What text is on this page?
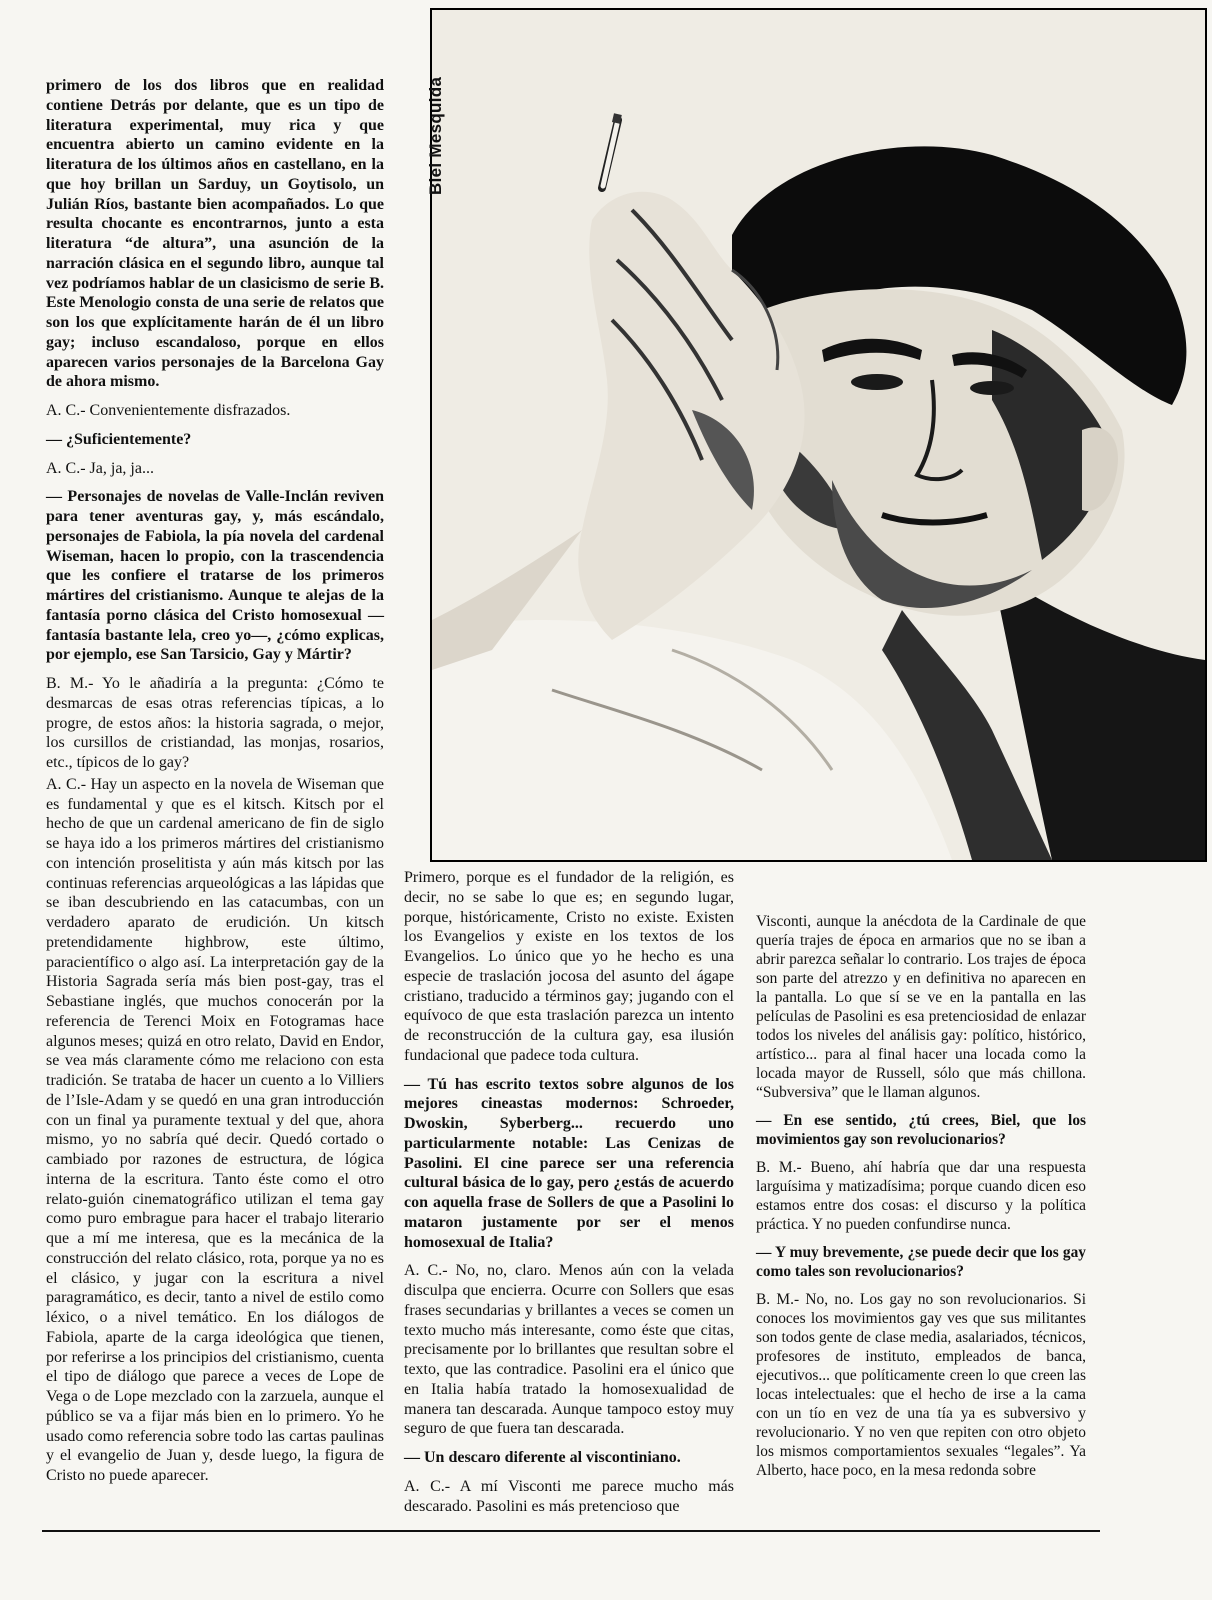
Biel Mesquida

primero de los dos libros que en realidad contiene Detrás por delante, que es un tipo de literatura experimental, muy rica y que encuentra abierto un camino evidente en la literatura de los últimos años en castellano, en la que hoy brillan un Sarduy, un Goytisolo, un Julián Ríos, bastante bien acompañados. Lo que resulta chocante es encontrarnos, junto a esta literatura “de altura”, una asunción de la narración clásica en el segundo libro, aunque tal vez podríamos hablar de un clasicismo de serie B. Este Menologio consta de una serie de relatos que son los que explícitamente harán de él un libro gay; incluso escandaloso, porque en ellos aparecen varios personajes de la Barcelona Gay de ahora mismo.

A. C.- Convenientemente disfrazados.

— ¿Suficientemente?

A. C.- Ja, ja, ja...

— Personajes de novelas de Valle-Inclán reviven para tener aventuras gay, y, más escándalo, personajes de Fabiola, la pía novela del cardenal Wiseman, hacen lo propio, con la trascendencia que les confiere el tratarse de los primeros mártires del cristianismo. Aunque te alejas de la fantasía porno clásica del Cristo homosexual —fantasía bastante lela, creo yo—, ¿cómo explicas, por ejemplo, ese San Tarsicio, Gay y Mártir?

B. M.- Yo le añadiría a la pregunta: ¿Cómo te desmarcas de esas otras referencias típicas, a lo progre, de estos años: la historia sagrada, o mejor, los cursillos de cristiandad, las monjas, rosarios, etc., típicos de lo gay?

A. C.- Hay un aspecto en la novela de Wiseman que es fundamental y que es el kitsch. Kitsch por el hecho de que un cardenal americano de fin de siglo se haya ido a los primeros mártires del cristianismo con intención proselitista y aún más kitsch por las continuas referencias arqueológicas a las lápidas que se iban descubriendo en las catacumbas, con un verdadero aparato de erudición. Un kitsch pretendidamente highbrow, este último, paracientífico o algo así. La interpretación gay de la Historia Sagrada sería más bien post-gay, tras el Sebastiane inglés, que muchos conocerán por la referencia de Terenci Moix en Fotogramas hace algunos meses; quizá en otro relato, David en Endor, se vea más claramente cómo me relaciono con esta tradición. Se trataba de hacer un cuento a lo Villiers de l’Isle-Adam y se quedó en una gran introducción con un final ya puramente textual y del que, ahora mismo, yo no sabría qué decir. Quedó cortado o cambiado por razones de estructura, de lógica interna de la escritura. Tanto éste como el otro relato-guión cinematográfico utilizan el tema gay como puro embrague para hacer el trabajo literario que a mí me interesa, que es la mecánica de la construcción del relato clásico, rota, porque ya no es el clásico, y jugar con la escritura a nivel paragramático, es decir, tanto a nivel de estilo como léxico, o a nivel temático. En los diálogos de Fabiola, aparte de la carga ideológica que tienen, por referirse a los principios del cristianismo, cuenta el tipo de diálogo que parece a veces de Lope de Vega o de Lope mezclado con la zarzuela, aunque el público se va a fijar más bien en lo primero. Yo he usado como referencia sobre todo las cartas paulinas y el evangelio de Juan y, desde luego, la figura de Cristo no puede aparecer.

Primero, porque es el fundador de la religión, es decir, no se sabe lo que es; en segundo lugar, porque, históricamente, Cristo no existe. Existen los Evangelios y existe en los textos de los Evangelios. Lo único que yo he hecho es una especie de traslación jocosa del asunto del ágape cristiano, traducido a términos gay; jugando con el equívoco de que esta traslación parezca un intento de reconstrucción de la cultura gay, esa ilusión fundacional que padece toda cultura.

— Tú has escrito textos sobre algunos de los mejores cineastas modernos: Schroeder, Dwoskin, Syberberg... recuerdo uno particularmente notable: Las Cenizas de Pasolini. El cine parece ser una referencia cultural básica de lo gay, pero ¿estás de acuerdo con aquella frase de Sollers de que a Pasolini lo mataron justamente por ser el menos homosexual de Italia?

A. C.- No, no, claro. Menos aún con la velada disculpa que encierra. Ocurre con Sollers que esas frases secundarias y brillantes a veces se comen un texto mucho más interesante, como éste que citas, precisamente por lo brillantes que resultan sobre el texto, que las contradice. Pasolini era el único que en Italia había tratado la homosexualidad de manera tan descarada. Aunque tampoco estoy muy seguro de que fuera tan descarada.

— Un descaro diferente al viscontiniano.

A. C.- A mí Visconti me parece mucho más descarado. Pasolini es más pretencioso que

Visconti, aunque la anécdota de la Cardinale de que quería trajes de época en armarios que no se iban a abrir parezca señalar lo contrario. Los trajes de época son parte del atrezzo y en definitiva no aparecen en la pantalla. Lo que sí se ve en la pantalla en las películas de Pasolini es esa pretenciosidad de enlazar todos los niveles del análisis gay: político, histórico, artístico... para al final hacer una locada como la locada mayor de Russell, sólo que más chillona. “Subversiva” que le llaman algunos.

— En ese sentido, ¿tú crees, Biel, que los movimientos gay son revolucionarios?

B. M.- Bueno, ahí habría que dar una respuesta larguísima y matizadísima; porque cuando dicen eso estamos entre dos cosas: el discurso y la política práctica. Y no pueden confundirse nunca.

— Y muy brevemente, ¿se puede decir que los gay como tales son revolucionarios?

B. M.- No, no. Los gay no son revolucionarios. Si conoces los movimientos gay ves que sus militantes son todos gente de clase media, asalariados, técnicos, profesores de instituto, empleados de banca, ejecutivos... que políticamente creen lo que creen las locas intelectuales: que el hecho de irse a la cama con un tío en vez de una tía ya es subversivo y revolucionario. Y no ven que repiten con otro objeto los mismos comportamientos sexuales “legales”. Ya Alberto, hace poco, en la mesa redonda sobre
